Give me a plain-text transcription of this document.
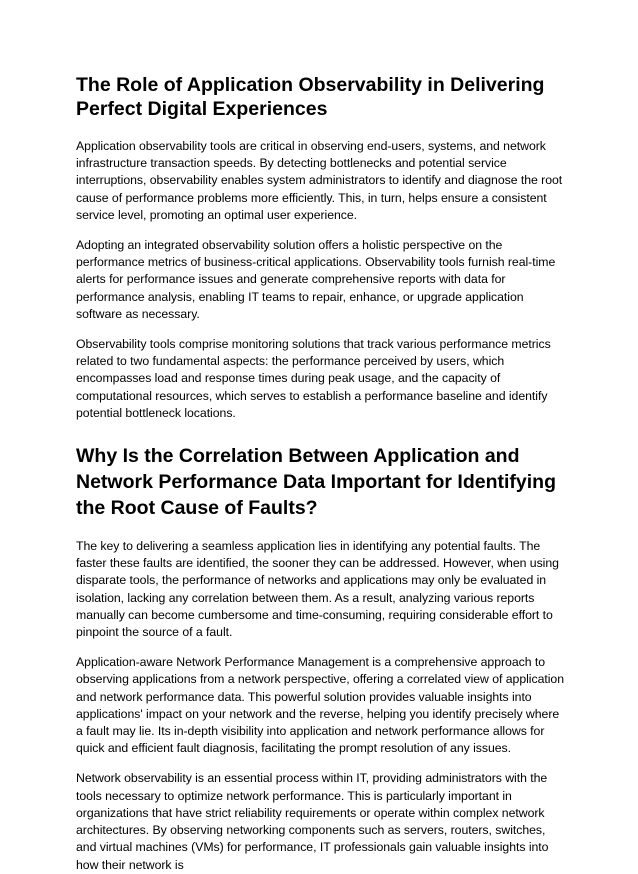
The Role of Application Observability in Delivering Perfect Digital Experiences

Application observability tools are critical in observing end-users, systems, and network infrastructure transaction speeds. By detecting bottlenecks and potential service interruptions, observability enables system administrators to identify and diagnose the root cause of performance problems more efficiently. This, in turn, helps ensure a consistent service level, promoting an optimal user experience.

Adopting an integrated observability solution offers a holistic perspective on the performance metrics of business-critical applications. Observability tools furnish real-time alerts for performance issues and generate comprehensive reports with data for performance analysis, enabling IT teams to repair, enhance, or upgrade application software as necessary.

Observability tools comprise monitoring solutions that track various performance metrics related to two fundamental aspects: the performance perceived by users, which encompasses load and response times during peak usage, and the capacity of computational resources, which serves to establish a performance baseline and identify potential bottleneck locations.

Why Is the Correlation Between Application and Network Performance Data Important for Identifying the Root Cause of Faults?

The key to delivering a seamless application lies in identifying any potential faults. The faster these faults are identified, the sooner they can be addressed. However, when using disparate tools, the performance of networks and applications may only be evaluated in isolation, lacking any correlation between them. As a result, analyzing various reports manually can become cumbersome and time-consuming, requiring considerable effort to pinpoint the source of a fault.

Application-aware Network Performance Management is a comprehensive approach to observing applications from a network perspective, offering a correlated view of application and network performance data. This powerful solution provides valuable insights into applications' impact on your network and the reverse, helping you identify precisely where a fault may lie. Its in-depth visibility into application and network performance allows for quick and efficient fault diagnosis, facilitating the prompt resolution of any issues.

Network observability is an essential process within IT, providing administrators with the tools necessary to optimize network performance. This is particularly important in organizations that have strict reliability requirements or operate within complex network architectures. By observing networking components such as servers, routers, switches, and virtual machines (VMs) for performance, IT professionals gain valuable insights into how their network is
